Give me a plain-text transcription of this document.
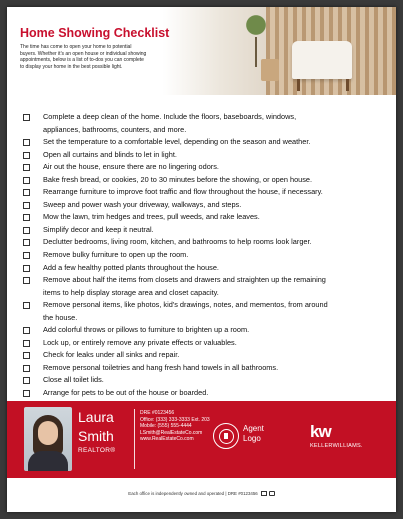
Home Showing Checklist

The time has come to open your home to potential
buyers. Whether it's an open house or individual showing
appointments, below is a list of to-dos you can complete
to display your home in the best possible light.

Complete a deep clean of the home. Include the floors, baseboards, windows,
appliances, bathrooms, counters, and more.
Set the temperature to a comfortable level, depending on the season and weather.
Open all curtains and blinds to let in light.
Air out the house, ensure there are no lingering odors.
Bake fresh bread, or cookies, 20 to 30 minutes before the showing, or open house.
Rearrange furniture to improve foot traffic and flow throughout the house, if necessary.
Sweep and power wash your driveway, walkways, and steps.
Mow the lawn, trim hedges and trees, pull weeds, and rake leaves.
Simplify decor and keep it neutral.
Declutter bedrooms, living room, kitchen, and bathrooms to help rooms look larger.
Remove bulky furniture to open up the room.
Add a few healthy potted plants throughout the house.
Remove about half the items from closets and drawers and straighten up the remaining
items to help display storage area and closet capacity.
Remove personal items, like photos, kid's drawings, notes, and mementos, from around
the house.
Add colorful throws or pillows to furniture to brighten up a room.
Lock up, or entirely remove any private effects or valuables.
Check for leaks under all sinks and repair.
Remove personal toiletries and hang fresh hand towels in all bathrooms.
Close all toilet lids.
Arrange for pets to be out of the house or boarded.
Laura
Smith
REALTOR®
DRE #0123456
Office: (333) 333-3333 Ext. 203
Mobile: (555) 555-4444
LSmith@RealEstateCo.com
www.RealEstateCo.com
Agent
Logo	kw
KELLERWILLIAMS.
Each office is independently owned and operated | DRE #0123456
